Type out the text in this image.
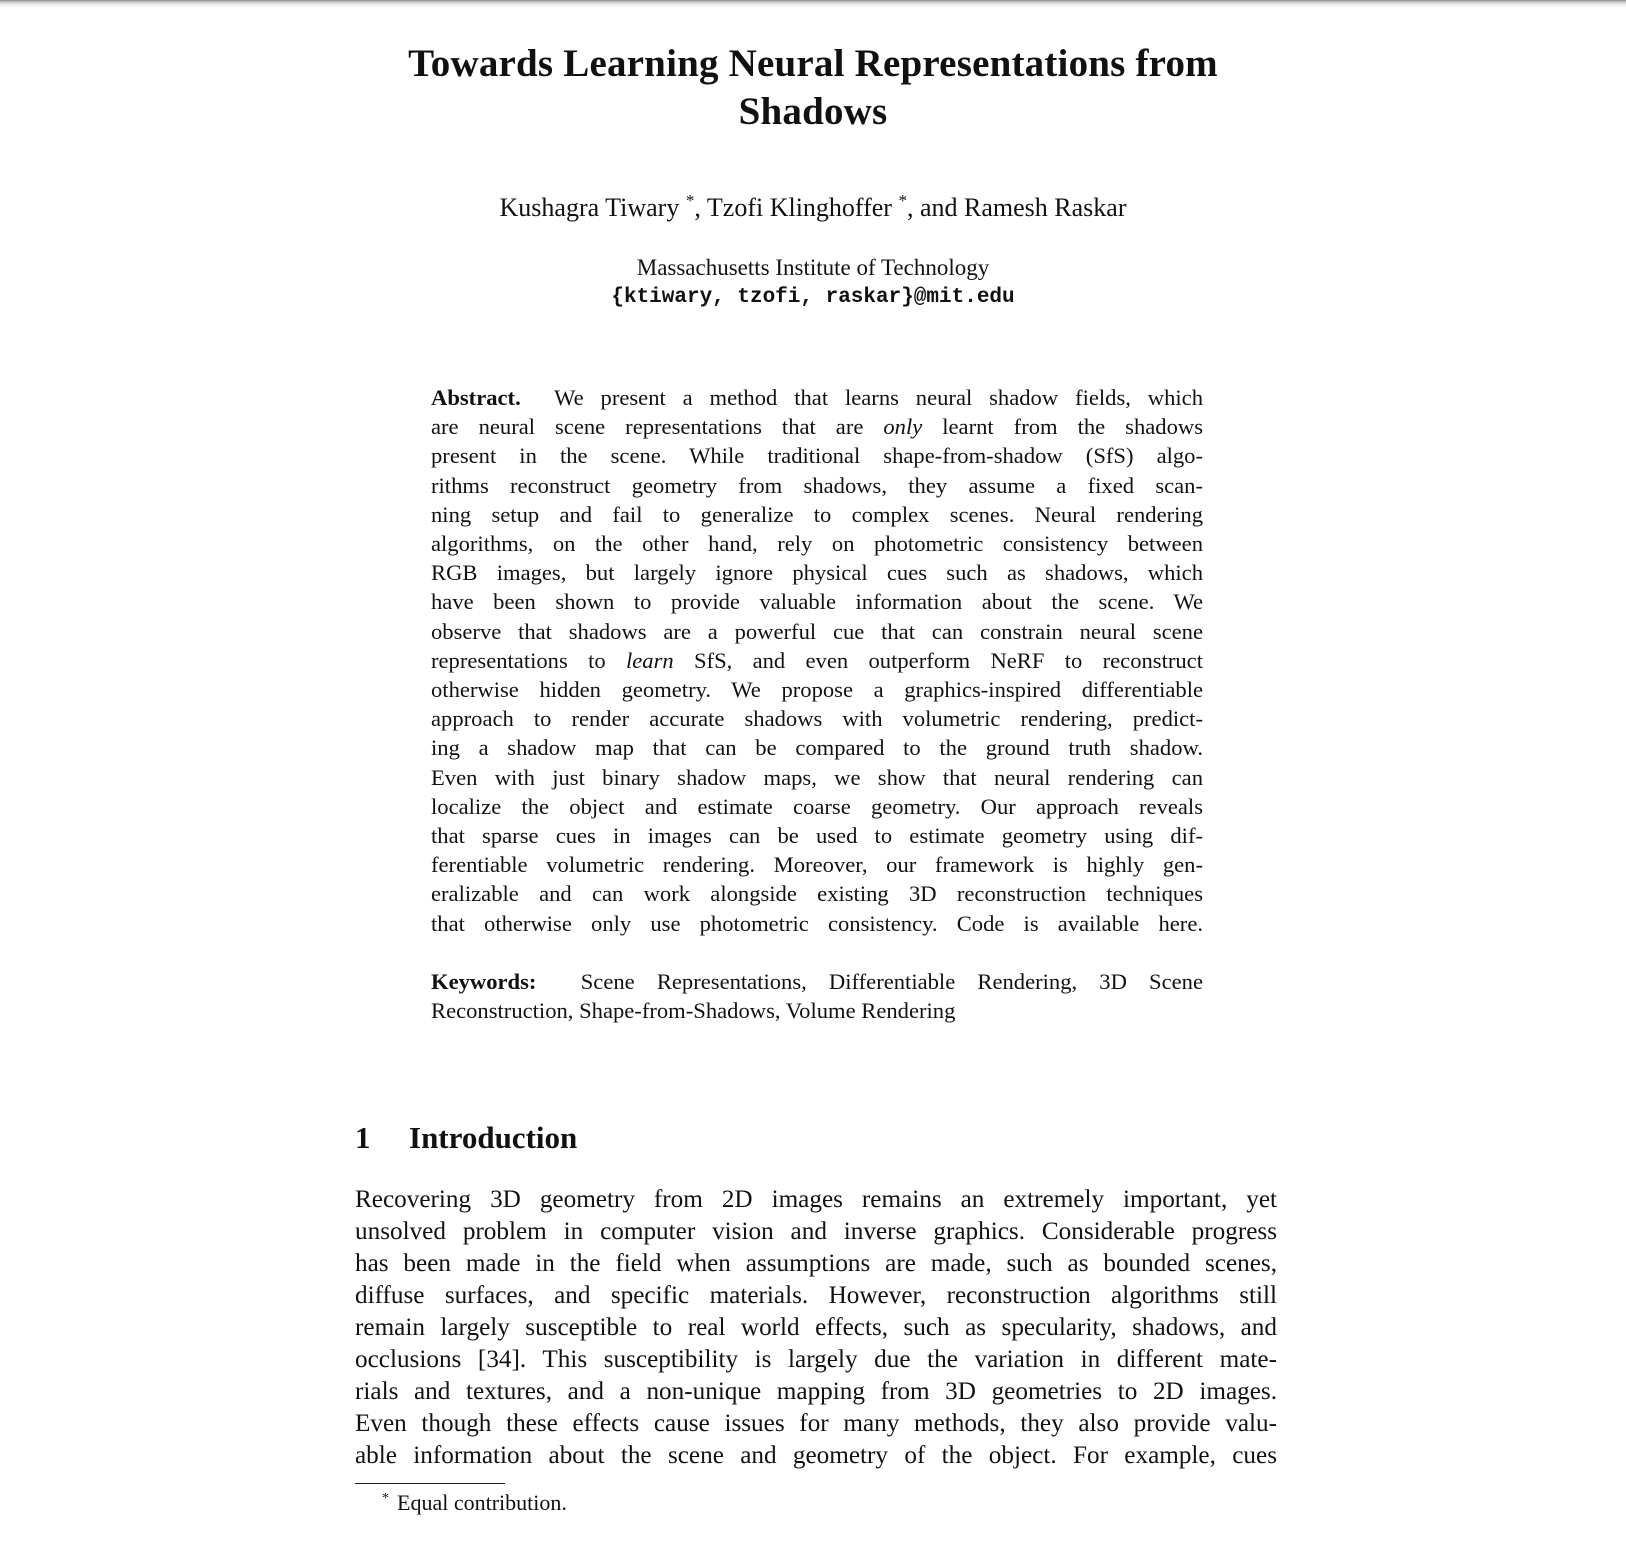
Towards Learning Neural Representations from
Shadows
Kushagra Tiwary *, Tzofi Klinghoffer *, and Ramesh Raskar
Massachusetts Institute of Technology
{ktiwary, tzofi, raskar}@mit.edu
Abstract. We present a method that learns neural shadow fields, which
are neural scene representations that are only learnt from the shadows
present in the scene. While traditional shape-from-shadow (SfS) algo-
rithms reconstruct geometry from shadows, they assume a fixed scan-
ning setup and fail to generalize to complex scenes. Neural rendering
algorithms, on the other hand, rely on photometric consistency between
RGB images, but largely ignore physical cues such as shadows, which
have been shown to provide valuable information about the scene. We
observe that shadows are a powerful cue that can constrain neural scene
representations to learn SfS, and even outperform NeRF to reconstruct
otherwise hidden geometry. We propose a graphics-inspired differentiable
approach to render accurate shadows with volumetric rendering, predict-
ing a shadow map that can be compared to the ground truth shadow.
Even with just binary shadow maps, we show that neural rendering can
localize the object and estimate coarse geometry. Our approach reveals
that sparse cues in images can be used to estimate geometry using dif-
ferentiable volumetric rendering. Moreover, our framework is highly gen-
eralizable and can work alongside existing 3D reconstruction techniques
that otherwise only use photometric consistency. Code is available here.
Keywords: Scene Representations, Differentiable Rendering, 3D Scene
Reconstruction, Shape-from-Shadows, Volume Rendering
1 Introduction
Recovering 3D geometry from 2D images remains an extremely important, yet
unsolved problem in computer vision and inverse graphics. Considerable progress
has been made in the field when assumptions are made, such as bounded scenes,
diffuse surfaces, and specific materials. However, reconstruction algorithms still
remain largely susceptible to real world effects, such as specularity, shadows, and
occlusions [34]. This susceptibility is largely due the variation in different mate-
rials and textures, and a non-unique mapping from 3D geometries to 2D images.
Even though these effects cause issues for many methods, they also provide valu-
able information about the scene and geometry of the object. For example, cues
* Equal contribution.
